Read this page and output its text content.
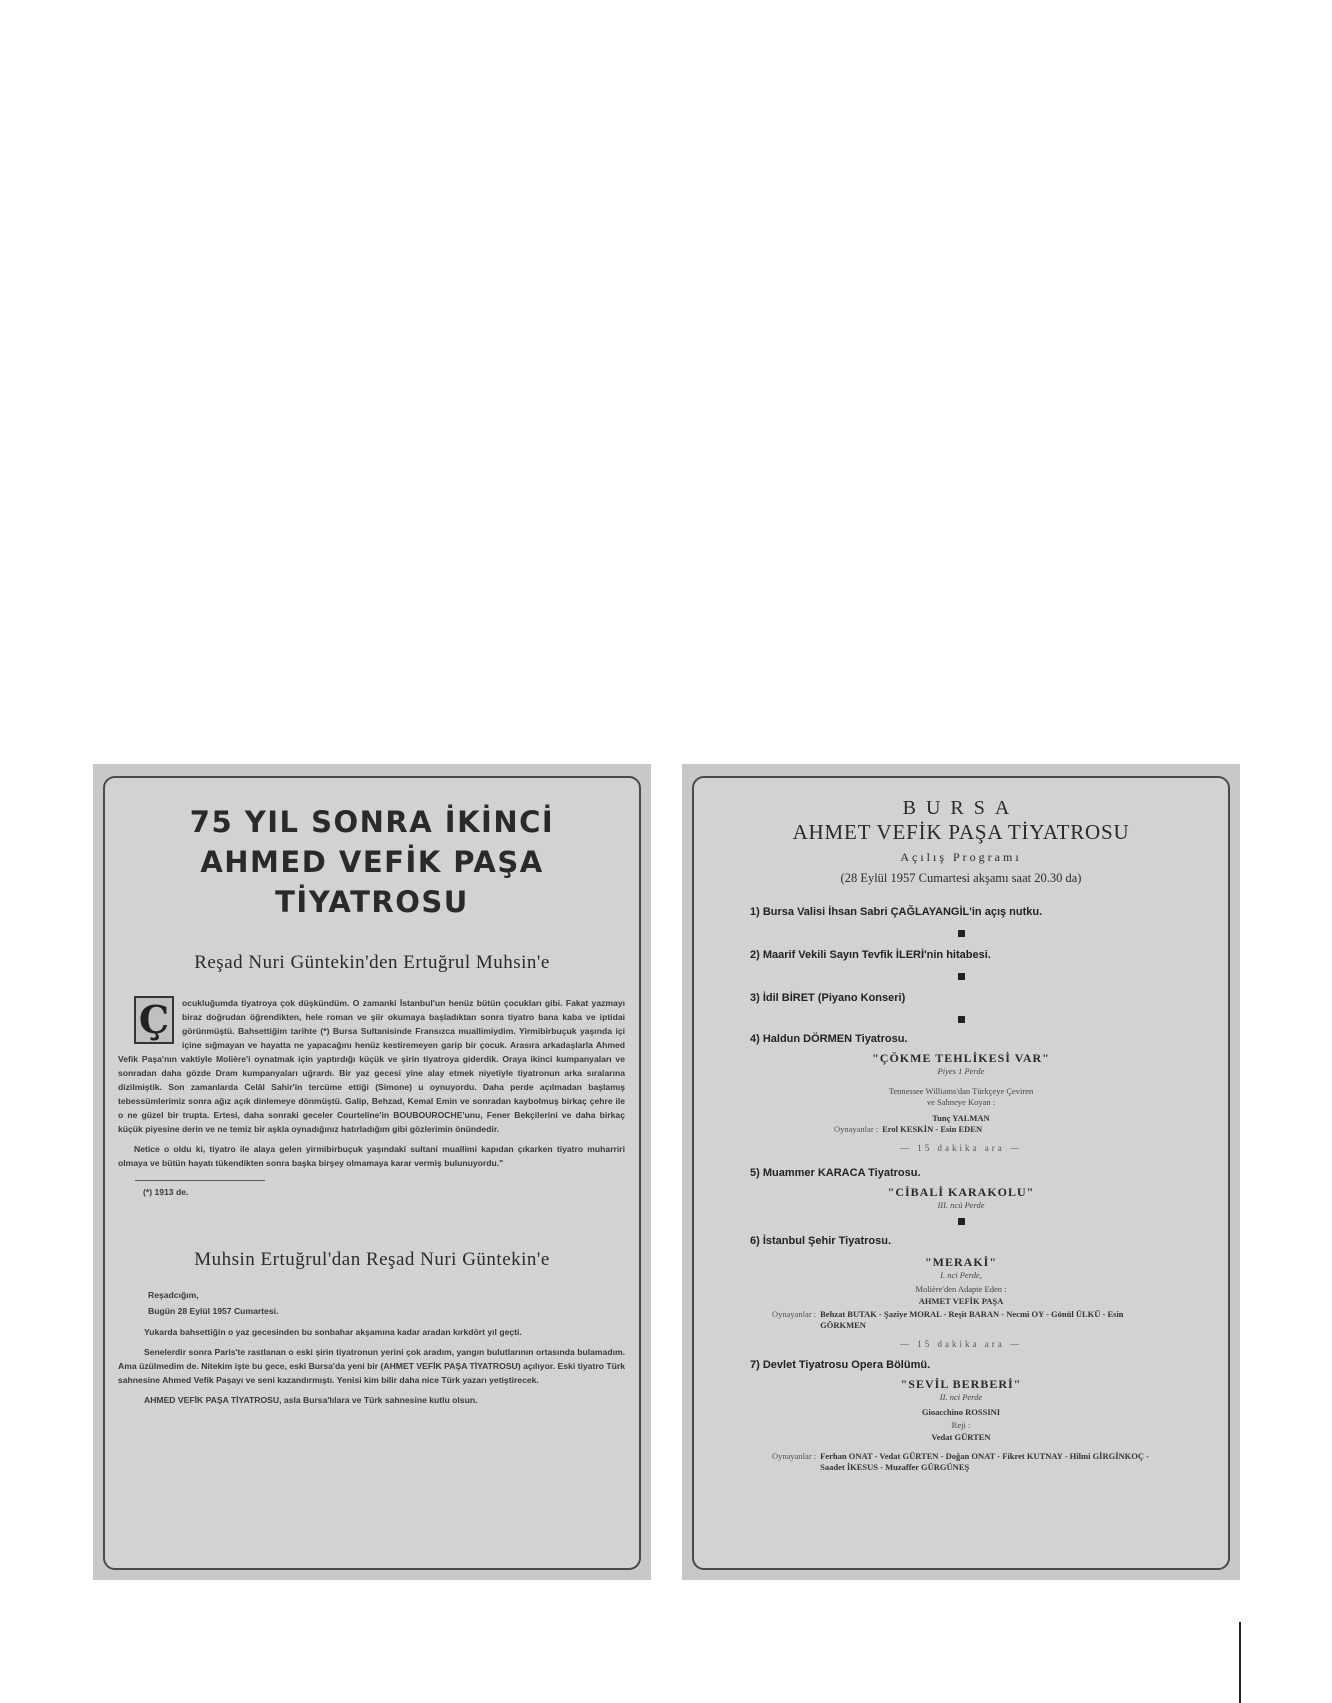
75 YIL SONRA İKİNCİ
AHMED VEFİK PAŞA TİYATROSU
Reşad Nuri Güntekin'den Ertuğrul Muhsin'e

Ç	ocukluğumda tiyatroya çok düşkündüm. O zamanki İstanbul'un henüz bütün çocukları gibi. Fakat yazmayı biraz doğrudan öğrendikten, hele roman ve şiir okumaya başladıktan sonra tiyatro bana kaba ve iptidai görünmüştü. Bahsettiğim tarihte (*) Bursa Sultanisinde Fransızca muallimiydim. Yirmibirbuçuk yaşında içi içine sığmayan ve hayatta ne yapacağını henüz kestiremeyen garip bir çocuk. Arasıra arkadaşlarla Ahmed Vefik Paşa'nın vaktiyle Molière'i oynatmak için yaptırdığı küçük ve şirin tiyatroya giderdik. Oraya ikinci kumpanyaları ve sonradan daha gözde Dram kumpanyaları uğrardı. Bir yaz gecesi yine alay etmek niyetiyle tiyatronun arka sıralarına dizilmiştik. Son zamanlarda Celâl Sahir'in tercüme ettiği (Simone) u oynuyordu. Daha perde açılmadan başlamış tebessümlerimiz sonra ağız açık dinlemeye dönmüştü. Galip, Behzad, Kemal Emin ve sonradan kaybolmuş birkaç çehre ile o ne güzel bir trupta. Ertesi, daha sonraki geceler Courteline'in BOUBOUROCHE'unu, Fener Bekçilerini ve daha birkaç küçük piyesine derin ve ne temiz bir aşkla oynadığınız hatırladığım gibi gözlerimin önündedir.

Netice o oldu ki, tiyatro ile alaya gelen yirmibirbuçuk yaşındaki sultani muallimi kapıdan çıkarken tiyatro muharriri olmaya ve bütün hayatı tükendikten sonra başka birşey olmamaya karar vermiş bulunuyordu."

(*) 1913 de.
Muhsin Ertuğrul'dan Reşad Nuri Güntekin'e
Reşadcığım,
Bugün 28 Eylül 1957 Cumartesi.

Yukarda bahsettiğin o yaz gecesinden bu sonbahar akşamına kadar aradan kırkdört yıl geçti.

Senelerdir sonra Paris'te rastlanan o eski şirin tiyatronun yerini çok aradım, yangın bulutlarının ortasında bulamadım. Ama üzülmedim de. Nitekim işte bu gece, eski Bursa'da yeni bir (AHMET VEFİK PAŞA TİYATROSU) açılıyor. Eski tiyatro Türk sahnesine Ahmed Vefik Paşayı ve seni kazandırmıştı. Yenisi kim bilir daha nice Türk yazarı yetiştirecek.

AHMED VEFİK PAŞA TİYATROSU, asla Bursa'lılara ve Türk sahnesine kutlu olsun.

BURSA
AHMET VEFİK PAŞA TİYATROSU
Açılış Programı
(28 Eylül 1957 Cumartesi akşamı saat 20.30 da)
1) Bursa Valisi İhsan Sabri ÇAĞLAYANGİL'in açış nutku.
2) Maarif Vekili Sayın Tevfik İLERİ'nin hitabesi.
3) İdil BİRET (Piyano Konseri)
4) Haldun DÖRMEN Tiyatrosu.
"ÇÖKME TEHLİKESİ VAR"
Piyes 1 Perde
Tennessee Williams'dan Türkçeye Çeviren
ve Sahneye Koyan :
Tunç YALMAN
Oynayanlar : Erol KESKİN - Esin EDEN
— 15 dakika ara —
5) Muammer KARACA Tiyatrosu.
"CİBALİ KARAKOLU"
III. ncü Perde
6) İstanbul Şehir Tiyatrosu.
"MERAKİ"
I. nci Perde,
Molière'den Adapte Eden :
AHMET VEFİK PAŞA
Oynayanlar : Behzat BUTAK - Şaziye MORAL - Reşit BARAN - Necmi OY - Gönül ÜLKÜ - Esin GÖRKMEN
— 15 dakika ara —
7) Devlet Tiyatrosu Opera Bölümü.
"SEVİL BERBERİ"
II. nci Perde
Gioacchino ROSSINI
Reji :
Vedat GÜRTEN
Oynayanlar : Ferhan ONAT - Vedat GÜRTEN - Doğan ONAT - Fikret KUTNAY - Hilmi GİRGİNKOÇ - Saadet İKESUS - Muzaffer GÜRGÜNEŞ
